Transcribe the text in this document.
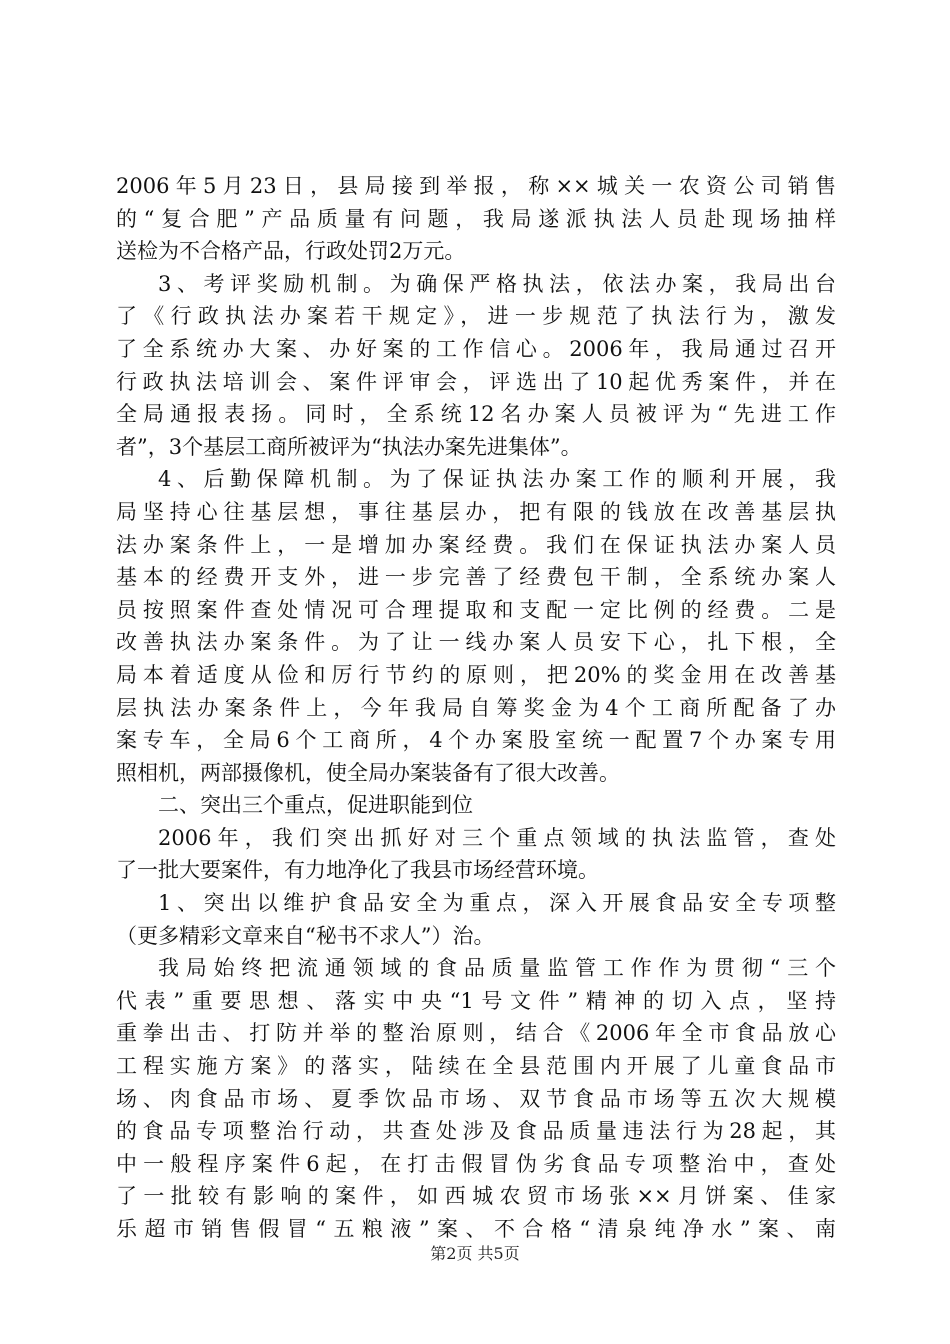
2006年5月23日，县局接到举报，称××城关一农资公司销售
的“复合肥”产品质量有问题，我局遂派执法人员赴现场抽样
送检为不合格产品，行政处罚2万元。
3、考评奖励机制。为确保严格执法，依法办案，我局出台
了《行政执法办案若干规定》，进一步规范了执法行为，激发
了全系统办大案、办好案的工作信心。2006年，我局通过召开
行政执法培训会、案件评审会，评选出了10起优秀案件，并在
全局通报表扬。同时，全系统12名办案人员被评为“先进工作
者”，3个基层工商所被评为“执法办案先进集体”。
4、后勤保障机制。为了保证执法办案工作的顺利开展，我
局坚持心往基层想，事往基层办，把有限的钱放在改善基层执
法办案条件上，一是增加办案经费。我们在保证执法办案人员
基本的经费开支外，进一步完善了经费包干制，全系统办案人
员按照案件查处情况可合理提取和支配一定比例的经费。二是
改善执法办案条件。为了让一线办案人员安下心，扎下根，全
局本着适度从俭和厉行节约的原则，把20%的奖金用在改善基
层执法办案条件上，今年我局自筹奖金为4个工商所配备了办
案专车，全局6个工商所，4个办案股室统一配置7个办案专用
照相机，两部摄像机，使全局办案装备有了很大改善。
二、突出三个重点，促进职能到位
2006年，我们突出抓好对三个重点领域的执法监管，查处
了一批大要案件，有力地净化了我县市场经营环境。
1、突出以维护食品安全为重点，深入开展食品安全专项整
（更多精彩文章来自“秘书不求人”）治。
我局始终把流通领域的食品质量监管工作作为贯彻“三个
代表”重要思想、落实中央“1号文件”精神的切入点，坚持
重拳出击、打防并举的整治原则，结合《2006年全市食品放心
工程实施方案》的落实，陆续在全县范围内开展了儿童食品市
场、肉食品市场、夏季饮品市场、双节食品市场等五次大规模
的食品专项整治行动，共查处涉及食品质量违法行为28起，其
中一般程序案件6起，在打击假冒伪劣食品专项整治中，查处
了一批较有影响的案件，如西城农贸市场张××月饼案、佳家
乐超市销售假冒“五粮液”案、不合格“清泉纯净水”案、南
第2页 共5页
